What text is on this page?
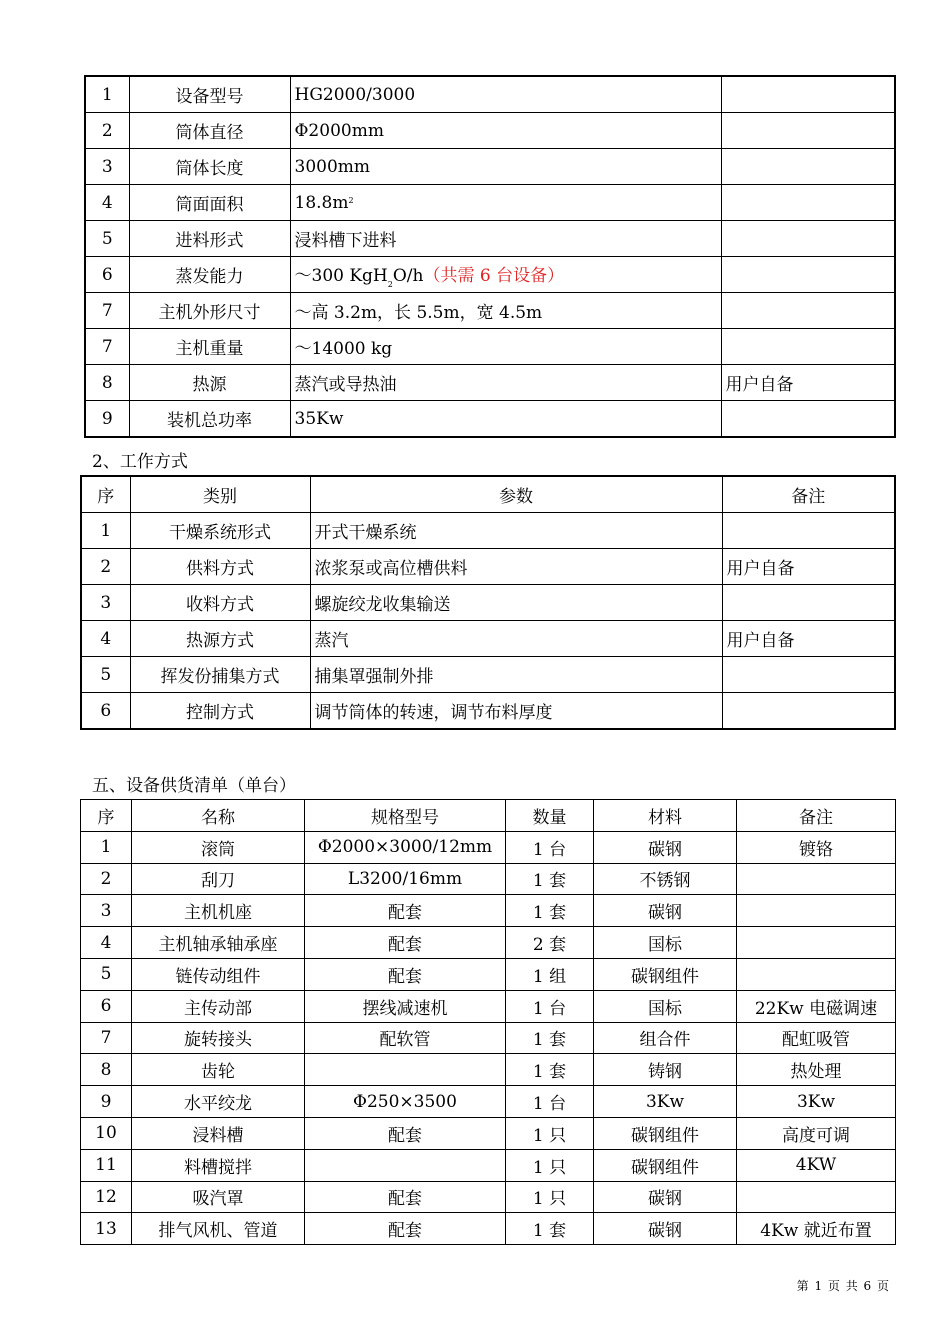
1	设备型号	HG2000/3000	
2	筒体直径	Φ2000mm	
3	筒体长度	3000mm	
4	筒面面积	$18.8m^2$	
5	进料形式	浸料槽下进料	
6	蒸发能力	～300 KgH$_2$O/h（共需 6 台设备）	
7	主机外形尺寸	～高 3.2m，长 5.5m，宽 4.5m	
7	主机重量	～14000 kg	
8	热源	蒸汽或导热油	用户自备
9	装机总功率	35Kw	
2、工作方式
序	类别	参数	备注
1	干燥系统形式	开式干燥系统	
2	供料方式	浓浆泵或高位槽供料	用户自备
3	收料方式	螺旋绞龙收集输送	
4	热源方式	蒸汽	用户自备
5	挥发份捕集方式	捕集罩强制外排	
6	控制方式	调节筒体的转速，调节布料厚度	
五、设备供货清单（单台）
序	名称	规格型号	数量	材料	备注
1	滚筒	Φ2000×3000/12mm	1 台	碳钢	镀铬
2	刮刀	L3200/16mm	1 套	不锈钢	
3	主机机座	配套	1 套	碳钢	
4	主机轴承轴承座	配套	2 套	国标	
5	链传动组件	配套	1 组	碳钢组件	
6	主传动部	摆线减速机	1 台	国标	22Kw 电磁调速
7	旋转接头	配软管	1 套	组合件	配虹吸管
8	齿轮		1 套	铸钢	热处理
9	水平绞龙	Φ250×3500	1 台	3Kw	3Kw
10	浸料槽	配套	1 只	碳钢组件	高度可调
11	料槽搅拌		1 只	碳钢组件	4KW
12	吸汽罩	配套	1 只	碳钢	
13	排气风机、管道	配套	1 套	碳钢	4Kw 就近布置
第 1 页 共 6 页
